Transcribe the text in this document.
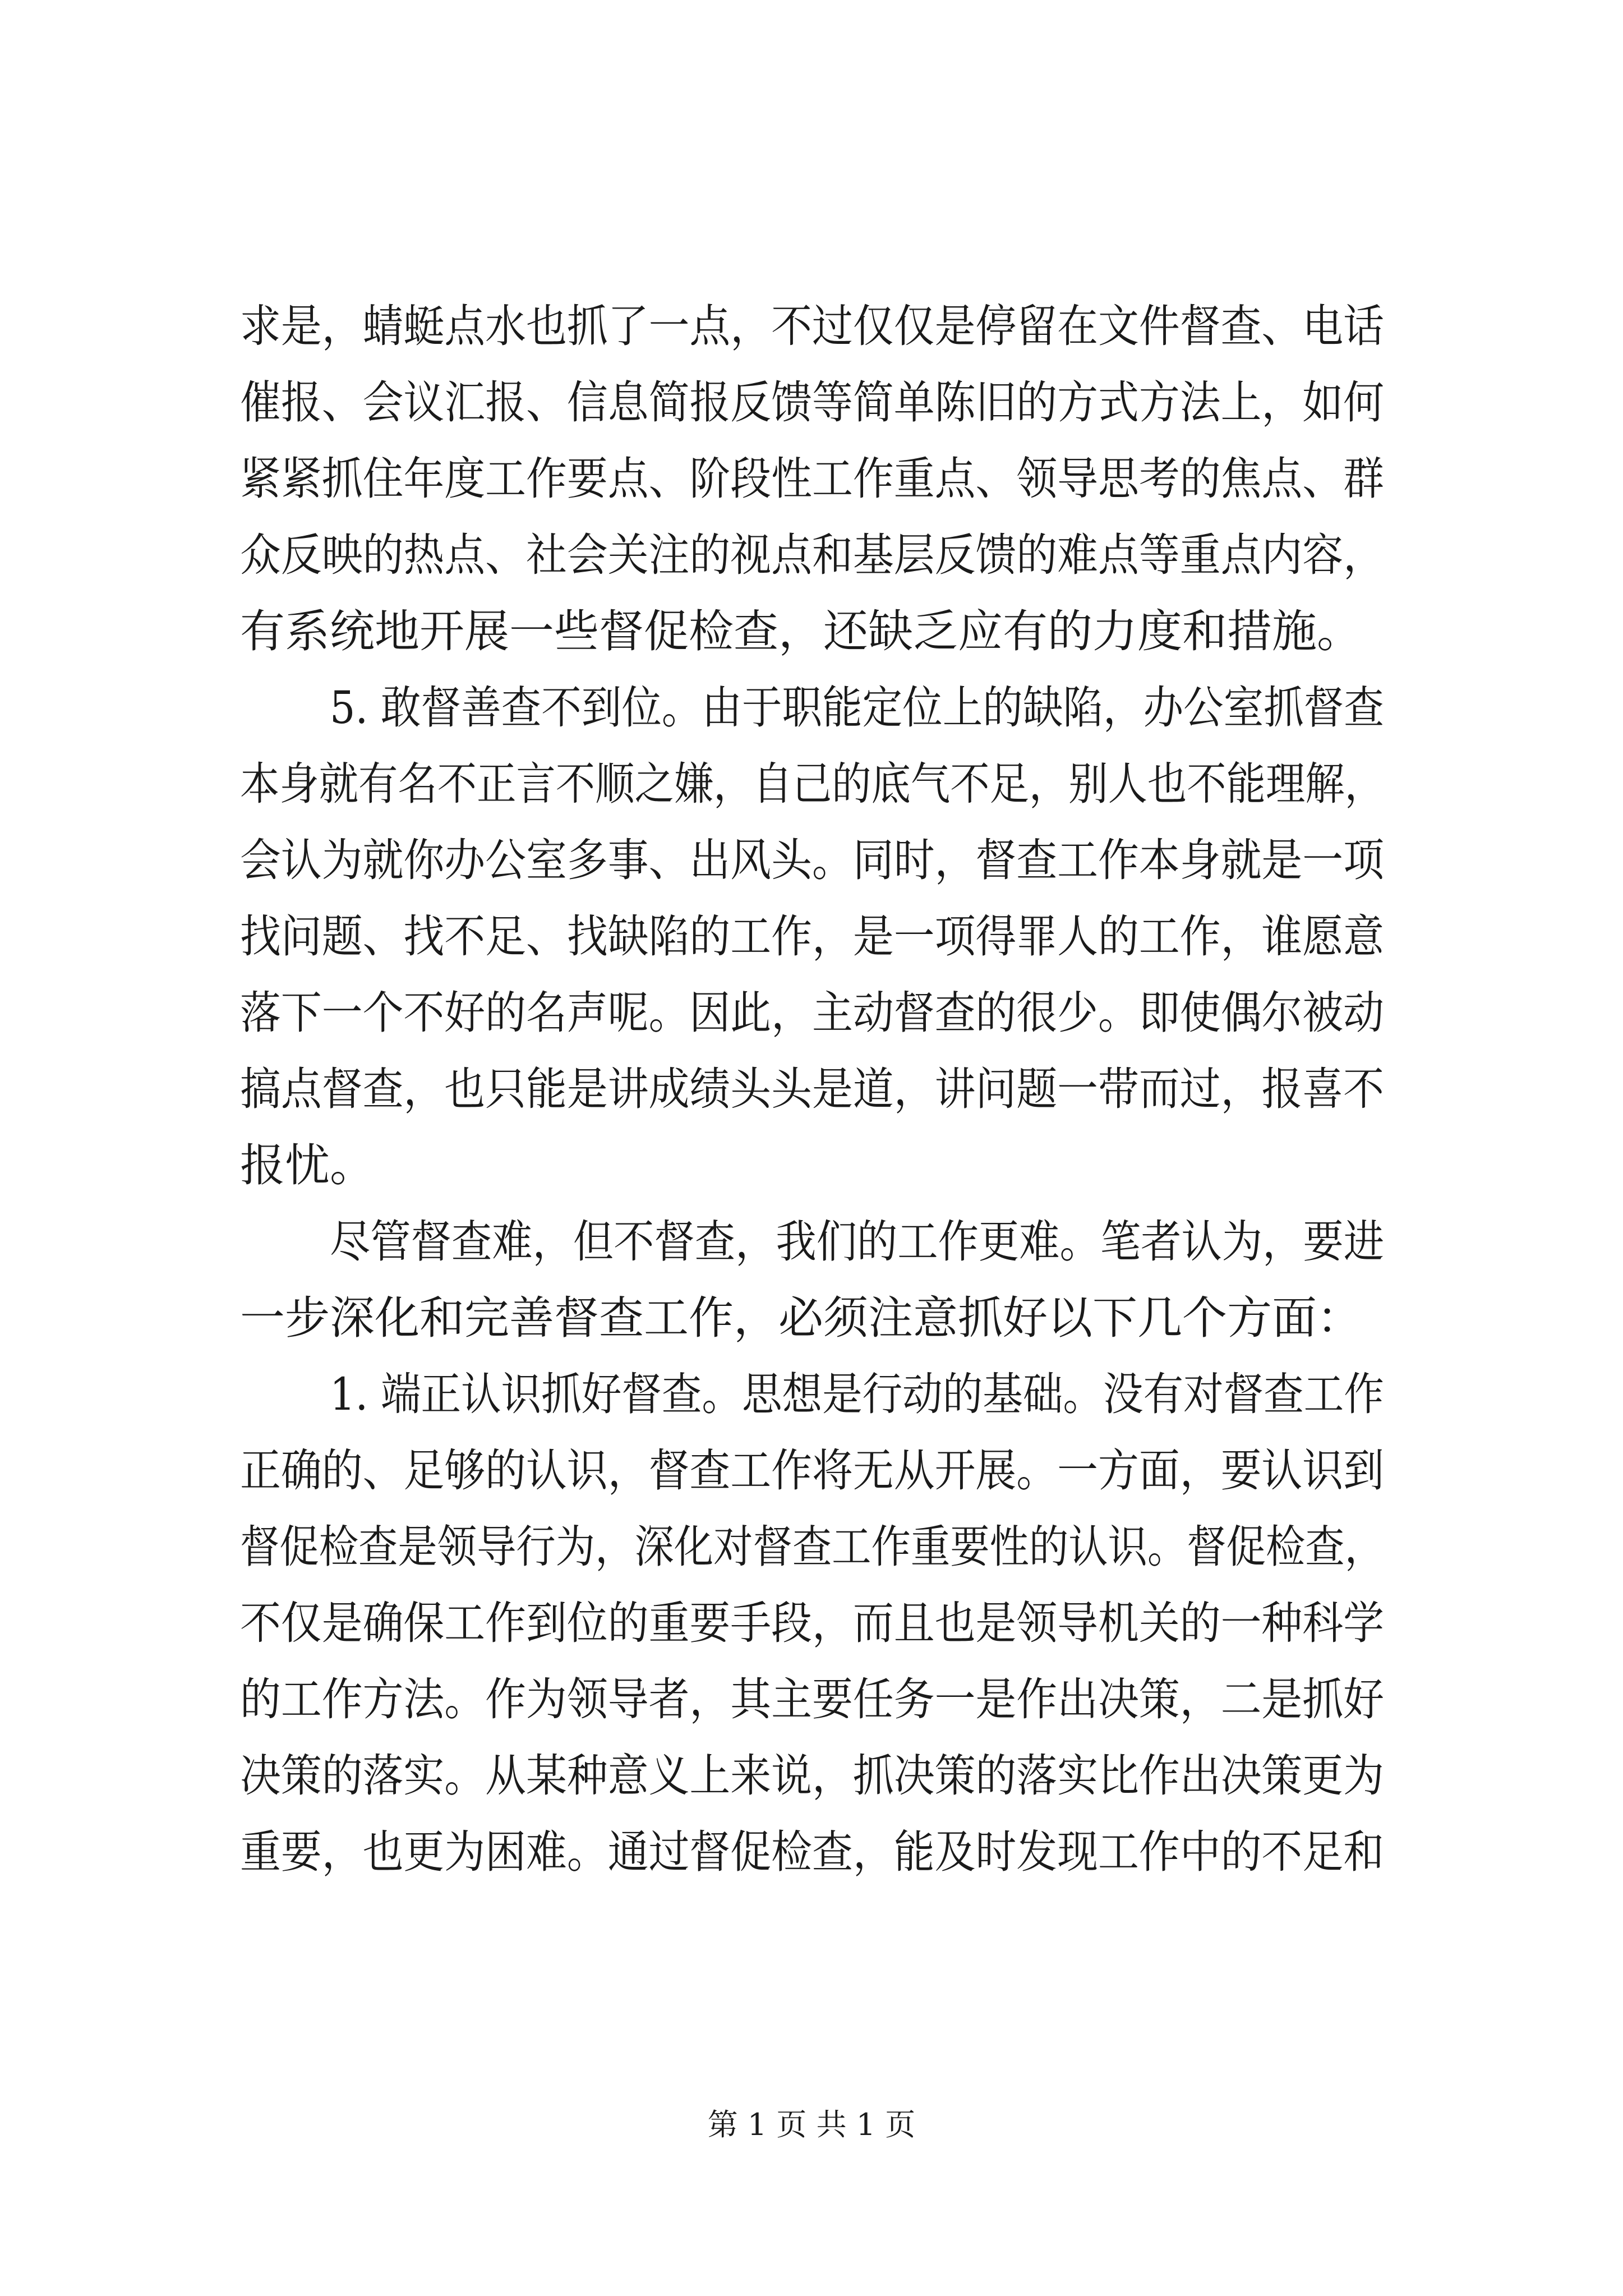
求是，蜻蜓点水也抓了一点，不过仅仅是停留在文件督查、电话
催报、会议汇报、信息简报反馈等简单陈旧的方式方法上，如何
紧紧抓住年度工作要点、阶段性工作重点、领导思考的焦点、群
众反映的热点、社会关注的视点和基层反馈的难点等重点内容，
有系统地开展一些督促检查，还缺乏应有的力度和措施。
5. 敢督善查不到位。由于职能定位上的缺陷，办公室抓督查
本身就有名不正言不顺之嫌，自己的底气不足，别人也不能理解，
会认为就你办公室多事、出风头。同时，督查工作本身就是一项
找问题、找不足、找缺陷的工作，是一项得罪人的工作，谁愿意
落下一个不好的名声呢。因此，主动督查的很少。即使偶尔被动
搞点督查，也只能是讲成绩头头是道，讲问题一带而过，报喜不
报忧。
尽管督查难，但不督查，我们的工作更难。笔者认为，要进
一步深化和完善督查工作，必须注意抓好以下几个方面：
1. 端正认识抓好督查。思想是行动的基础。没有对督查工作
正确的、足够的认识，督查工作将无从开展。一方面，要认识到
督促检查是领导行为，深化对督查工作重要性的认识。督促检查，
不仅是确保工作到位的重要手段，而且也是领导机关的一种科学
的工作方法。作为领导者，其主要任务一是作出决策，二是抓好
决策的落实。从某种意义上来说，抓决策的落实比作出决策更为
重要，也更为困难。通过督促检查，能及时发现工作中的不足和
第 1 页 共 1 页
